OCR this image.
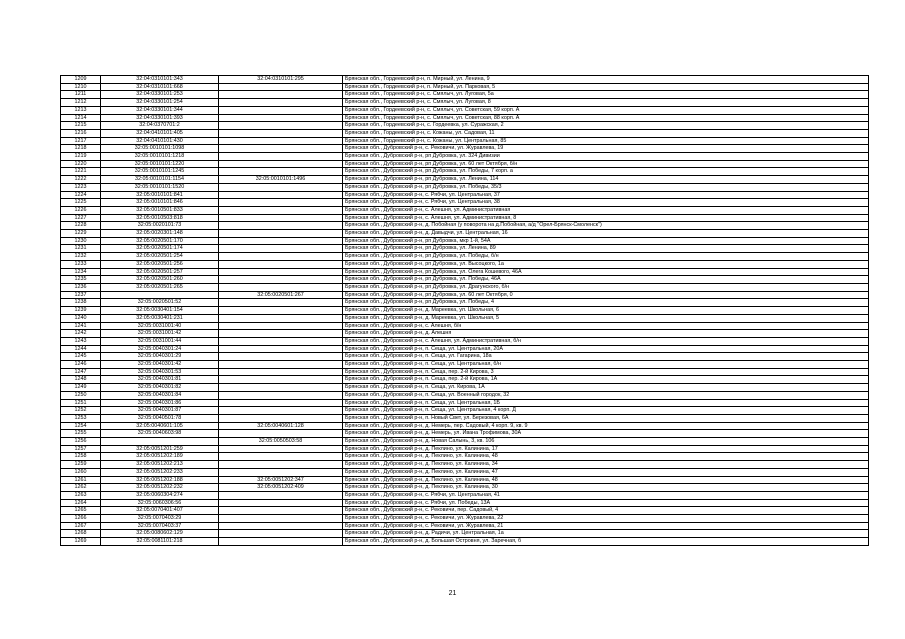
1209	32:04:0310101:343	32:04:0310101:295	Брянская обл., Гордеевский р-н, п. Мирный, ул. Ленина, 9
1210	32:04:0310101:668		Брянская обл., Гордеевский р-н, п. Мирный, ул. Парковая, 5
1211	32:04:0330101:253		Брянская обл., Гордеевский р-н, с. Смялыч, ул. Луговая, 5а
1212	32:04:0330101:254		Брянская обл., Гордеевский р-н, с. Смялыч, ул. Луговая, 8
1213	32:04:0330101:344		Брянская обл., Гордеевский р-н, с. Смялыч, ул. Советская, 59 корп. А
1214	32:04:0330101:393		Брянская обл., Гордеевский р-н, с. Смялыч, ул. Советская, 88 корп. А
1215	32:04:0370701:2		Брянская обл., Гордеевский р-н, с. Гордеевка, ул. Суражская, 2
1216	32:04:0410101:405		Брянская обл., Гордеевский р-н, с. Кожаны, ул. Садовая, 11
1217	32:04:0410101:430		Брянская обл., Гордеевский р-н, с. Кожаны, ул. Центральная, 85
1218	32:05:0010101:1098		Брянская обл., Дубровский р-н, с. Рековичи, ул. Журавлева, 19
1219	32:05:0010101:1218		Брянская обл., Дубровский р-н, рп Дубровка, ул. 324 Дивизии
1220	32:05:0010101:1220		Брянская обл., Дубровский р-н, рп Дубровка, ул. 60 лет Октября, б/н
1221	32:05:0010101:1245		Брянская обл., Дубровский р-н, рп Дубровка, ул. Победы, 7 корп. а
1222	32:05:0010101:1154	32:05:0010101:1496	Брянская обл., Дубровский р-н, рп Дубровка, ул. Ленина, 114
1223	32:05:0010101:1520		Брянская обл., Дубровский р-н, рп Дубровка, ул. Победы, 35/3
1224	32:05:0010101:841		Брянская обл., Дубровский р-н, с. Рябчи, ул. Центральная, 37
1225	32:05:0010101:846		Брянская обл., Дубровский р-н, с. Рябчи, ул. Центральная, 38
1226	32:05:0010501:833		Брянская обл., Дубровский р-н, с. Алешня, ул. Административная
1227	32:05:0010503:818		Брянская обл., Дубровский р-н, с. Алешня, ул. Административная, 8
1228	32:05:0020101:73		Брянская обл., Дубровский р-н, д. Побойная (у поворота на д.Побойная, а/д "Орел-Брянск-Смоленск")
1229	32:05:0020301:148		Брянская обл., Дубровский р-н, д. Давыдчи, ул. Центральная, 16
1230	32:05:0020501:170		Брянская обл., Дубровский р-н, рп Дубровка, мкр 1-й, 54А
1231	32:05:0020501:174		Брянская обл., Дубровский р-н, рп Дубровка, ул. Ленина, 89
1232	32:05:0020501:254		Брянская обл., Дубровский р-н, рп Дубровка, ул. Победы, б/н
1233	32:05:0020501:256		Брянская обл., Дубровский р-н, рп Дубровка, ул. Высоцкого, 1а
1234	32:05:0020501:257		Брянская обл., Дубровский р-н, рп Дубровка, ул. Олега Кошевого, 46А
1235	32:05:0020501:260		Брянская обл., Дубровский р-н, рп Дубровка, ул. Победы, 46А
1236	32:05:0020501:265		Брянская обл., Дубровский р-н, рп Дубровка, ул. Драгунского, б/н
1237		32:05:0020501:267	Брянская обл., Дубровский р-н, рп Дубровка, ул. 60 лет Октября, 0
1238	32:05:0020501:52		Брянская обл., Дубровский р-н, рп Дубровка, ул. Победы, 4
1239	32:05:0030401:154		Брянская обл., Дубровский р-н, д. Мареевка, ул. Школьная, 6
1240	32:05:0030401:231		Брянская обл., Дубровский р-н, д. Мареевка, ул. Школьная, 5
1241	32:05:0031001:40		Брянская обл., Дубровский р-н, с. Алешня, б/н
1242	32:05:0031001:42		Брянская обл., Дубровский р-н, д. Алешня
1243	32:05:0031001:44		Брянская обл., Дубровский р-н, с. Алешня, ул. Административная, б/н
1244	32:05:0040301:24		Брянская обл., Дубровский р-н, п. Сеща, ул. Центральная, 20А
1245	32:05:0040301:29		Брянская обл., Дубровский р-н, п. Сеща, ул. Гагарина, 18а
1246	32:05:0040301:42		Брянская обл., Дубровский р-н, п. Сеща, ул. Центральная, б/н
1247	32:05:0040301:53		Брянская обл., Дубровский р-н, п. Сеща, пер. 2-й Кирова, 3
1248	32:05:0040301:81		Брянская обл., Дубровский р-н, п. Сеща, пер. 2-й Кирова, 1А
1249	32:05:0040301:82		Брянская обл., Дубровский р-н, п. Сеща, ул. Кирова, 1А
1250	32:05:0040301:84		Брянская обл., Дубровский р-н, п. Сеща, ул. Военный городок, 32
1251	32:05:0040301:86		Брянская обл., Дубровский р-н, п. Сеща, ул. Центральная, 1Б
1252	32:05:0040301:87		Брянская обл., Дубровский р-н, п. Сеща, ул. Центральная, 4 корп. Д
1253	32:05:0040501:78		Брянская обл., Дубровский р-н, п. Новый Свет, ул. Березовая, 6А
1254	32:05:0040601:105	32:05:0040601:128	Брянская обл., Дубровский р-н, д. Немерь, пер. Садовый, 4 корп. 9, кв. 9
1255	32:05:0040603:98		Брянская обл., Дубровский р-н, д. Немерь, ул. Ивана Трофимова, 30А
1256		32:05:0050503:58	Брянская обл., Дубровский р-н, д. Новая Салынь, 3, кв. 106
1257	32:05:0051201:259		Брянская обл., Дубровский р-н, д. Пеклино, ул. Калинина, 17
1258	32:05:0051202:189		Брянская обл., Дубровский р-н, д. Пеклино, ул. Калинина, 48
1259	32:05:0051202:213		Брянская обл., Дубровский р-н, д. Пеклино, ул. Калинина, 34
1260	32:05:0051202:233		Брянская обл., Дубровский р-н, д. Пеклино, ул. Калинина, 47
1261	32:05:0051202:188	32:05:0051202:347	Брянская обл., Дубровский р-н, д. Пеклино, ул. Калинина, 48
1262	32:05:0051202:232	32:05:0051202:409	Брянская обл., Дубровский р-н, д. Пеклино, ул. Калинина, 30
1263	32:05:0060304:274		Брянская обл., Дубровский р-н, с. Рябчи, ул. Центральная, 41
1264	32:05:0060306:56		Брянская обл., Дубровский р-н, с. Рябчи, ул. Победы, 13А
1265	32:05:0070401:407		Брянская обл., Дубровский р-н, с. Рековичи, пер. Садовый, 4
1266	32:05:0070403:29		Брянская обл., Дубровский р-н, с. Рековичи, ул. Журавлева, 22
1267	32:05:0070403:37		Брянская обл., Дубровский р-н, с. Рековичи, ул. Журавлева, 21
1268	32:05:0080602:129		Брянская обл., Дубровский р-н, д. Радичи, ул. Центральная, 1а
1269	32:05:0081101:218		Брянская обл., Дубровский р-н, д. Большая Островня, ул. Заречная, б
21
